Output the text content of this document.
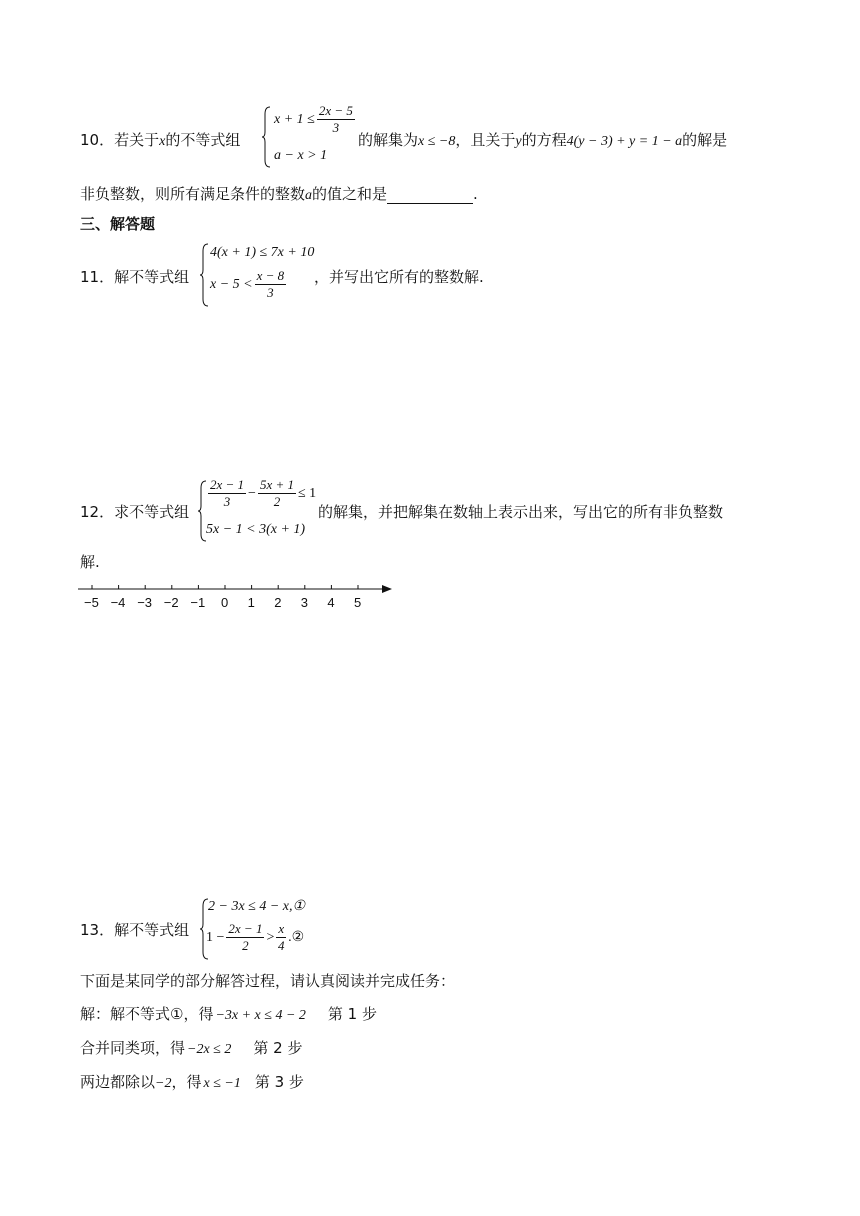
10．若关于x的不等式组
$x + 1 \le \frac{2x - 5}{3}$
a − x > 1
的解集为x ≤ −8，且关于y的方程4(y − 3) + y = 1 − a的解是
非负整数，则所有满足条件的整数a的值之和是	.
三、解答题
11．解不等式组
4(x + 1) ≤ 7x + 10
$x - 5 < \frac{x - 8}{3}$ ，并写出它所有的整数解.
12．求不等式组
$\frac{2x - 1}{3} - \frac{5x + 1}{2} \le 1$
5x − 1 < 3(x + 1)
的解集，并把解集在数轴上表示出来，写出它的所有非负整数
解.
−5 −4 −3 −2 −1 0 1 2 3 4 5
13．解不等式组
2 − 3x ≤ 4 − x,①
$1 - \frac{2x - 1}{2} > \frac{x}{4}$ .②
下面是某同学的部分解答过程，请认真阅读并完成任务：
解：解不等式①，得 −3x + x ≤ 4 − 2 第 1 步
合并同类项，得 −2x ≤ 2 第 2 步
两边都除以−2，得 x ≤ −1 第 3 步
